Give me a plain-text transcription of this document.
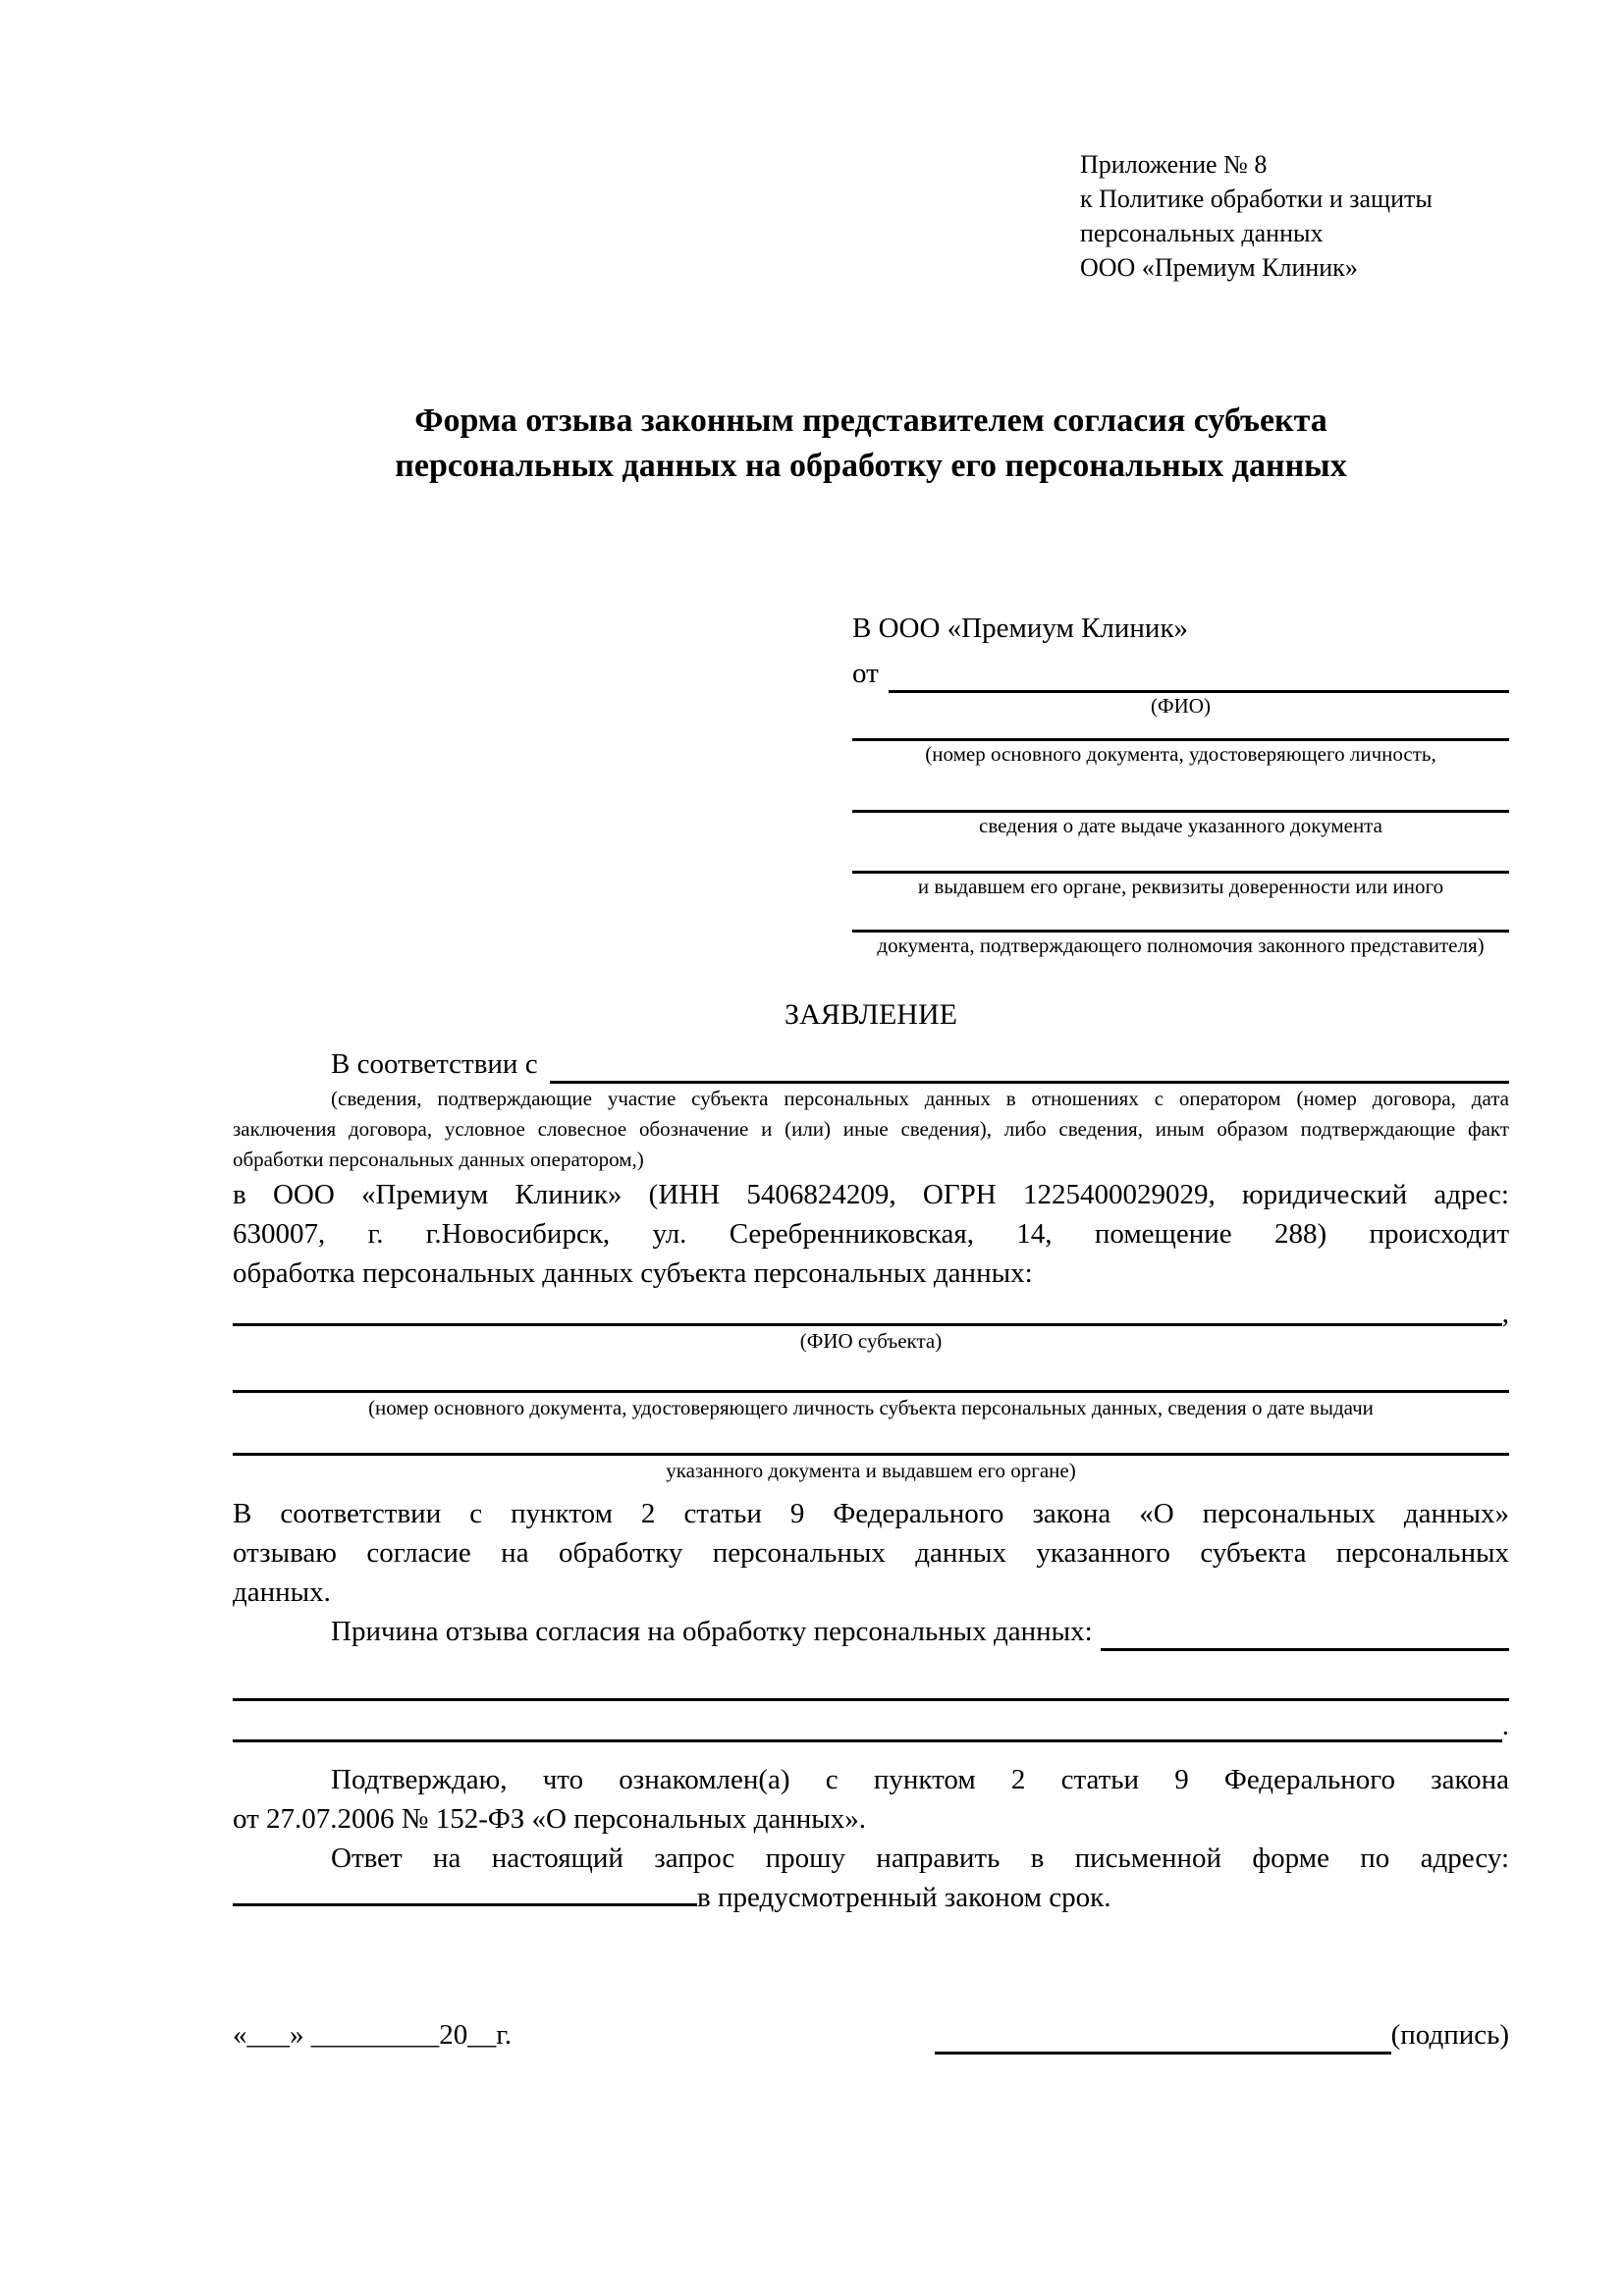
Приложение № 8
к Политике обработки и защиты
персональных данных
ООО «Премиум Клиник»
Форма отзыва законным представителем согласия субъекта
персональных данных на обработку его персональных данных
В ООО «Премиум Клиник»
от
(ФИО)
(номер основного документа, удостоверяющего личность,
сведения о дате выдаче указанного документа
и выдавшем его органе, реквизиты доверенности или иного
документа, подтверждающего полномочия законного представителя)
ЗАЯВЛЕНИЕ
В соответствии с
(сведения, подтверждающие участие субъекта персональных данных в отношениях с оператором (номер договора, дата
заключения договора, условное словесное обозначение и (или) иные сведения), либо сведения, иным образом подтверждающие факт
обработки персональных данных оператором,)
в ООО «Премиум Клиник» (ИНН 5406824209, ОГРН 1225400029029, юридический адрес:
630007, г. г.Новосибирск, ул. Серебренниковская, 14, помещение 288) происходит
обработка персональных данных субъекта персональных данных:
,
(ФИО субъекта)
(номер основного документа, удостоверяющего личность субъекта персональных данных, сведения о дате выдачи
указанного документа и выдавшем его органе)
В соответствии с пунктом 2 статьи 9 Федерального закона «О персональных данных»
отзываю согласие на обработку персональных данных указанного субъекта персональных
данных.
Причина отзыва согласия на обработку персональных данных:
.
Подтверждаю, что ознакомлен(а) с пунктом 2 статьи 9 Федерального закона
от 27.07.2006 № 152-ФЗ «О персональных данных».
Ответ на настоящий запрос прошу направить в письменной форме по адресу:
в предусмотренный законом срок.
«___» _________20__г.	(подпись)
